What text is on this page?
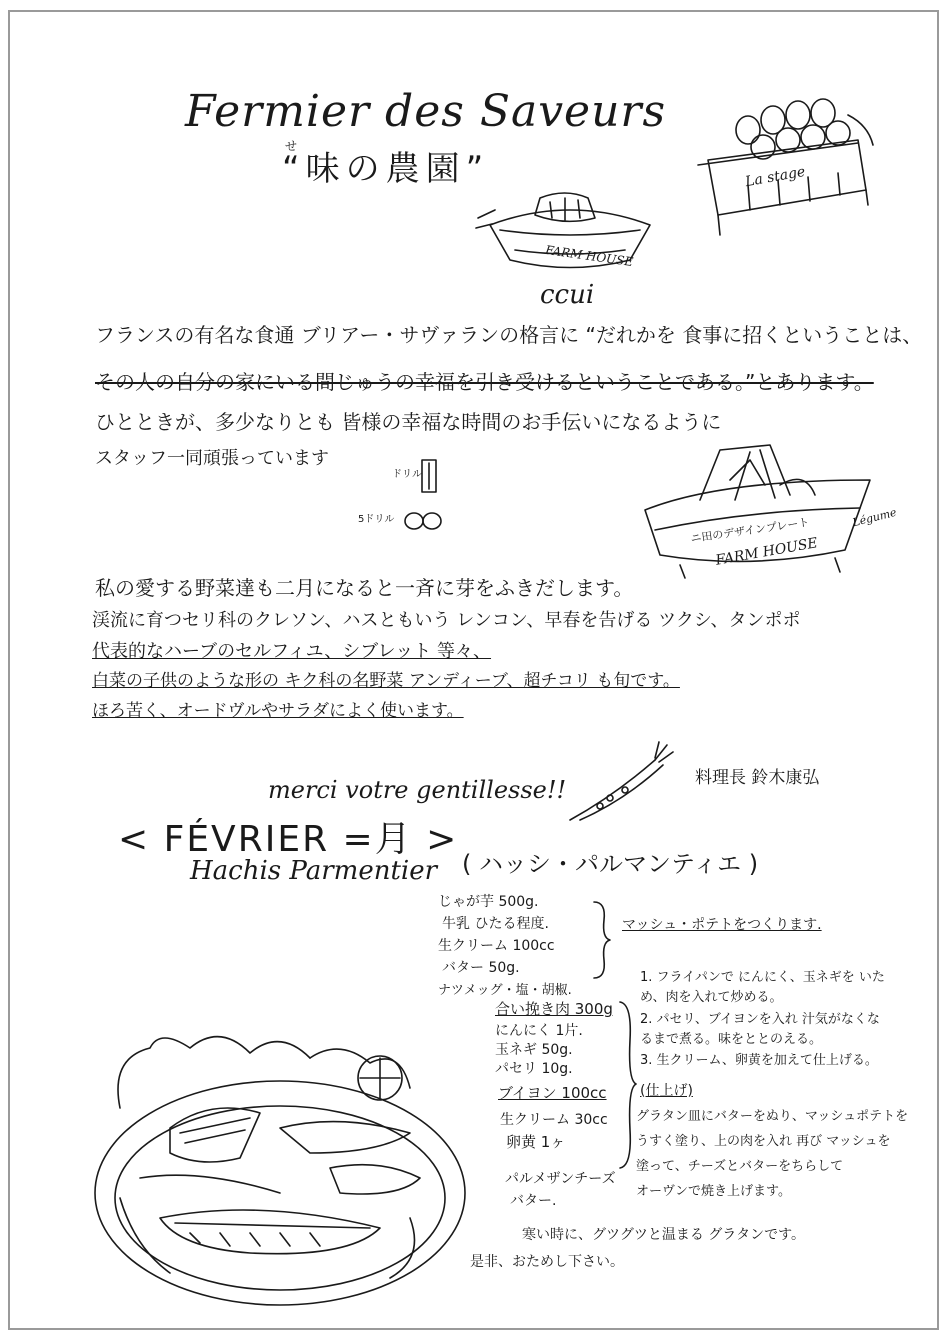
Fermier des Saveurs
せ
“味の農園”
ccui
FARM HOUSE
La stage
フランスの有名な食通 ブリアー・サヴァランの格言に “だれかを 食事に招くということは、
その人の自分の家にいる間じゅうの幸福を引き受けるということである。”とあります。
ひとときが、多少なりとも 皆様の幸福な時間のお手伝いになるように
スタッフ一同頑張っています
ドリル
5ドリル	ニ田のデザインプレート
FARM HOUSE
Légume
私の愛する野菜達も二月になると一斉に芽をふきだします。
渓流に育つセリ科のクレソン、ハスともいう レンコン、早春を告げる ツクシ、タンポポ
代表的なハーブのセルフィユ、シブレット 等々、
白菜の子供のような形の キク科の名野菜 アンディーブ、超チコリ も旬です。
ほろ苦く、オードヴルやサラダによく使います。
merci votre gentillesse!!	料理長 鈴木康弘
< FÉVRIER =月 >
Hachis Parmentier ( ハッシ・パルマンティエ )
じゃが芋 500g.
牛乳 ひたる程度.
生クリーム 100cc
バター 50g.
ナツメッグ・塩・胡椒.
マッシュ・ポテトをつくります.
合い挽き肉 300g
にんにく 1片.
玉ネギ 50g.
パセリ 10g.
ブイヨン 100cc
生クリーム 30cc
卵黄 1ヶ
パルメザンチーズ
バター.
1. フライパンで にんにく、玉ネギを いため、肉を入れて炒める。
2. パセリ、ブイヨンを入れ 汁気がなくなるまで煮る。味をととのえる。
3. 生クリーム、卵黄を加えて仕上げる。
(仕上げ)
グラタン皿にバターをぬり、マッシュポテトを
うすく塗り、上の肉を入れ 再び マッシュを
塗って、チーズとバターをちらして
オーヴンで焼き上げます。
寒い時に、グツグツと温まる グラタンです。
是非、おためし下さい。
